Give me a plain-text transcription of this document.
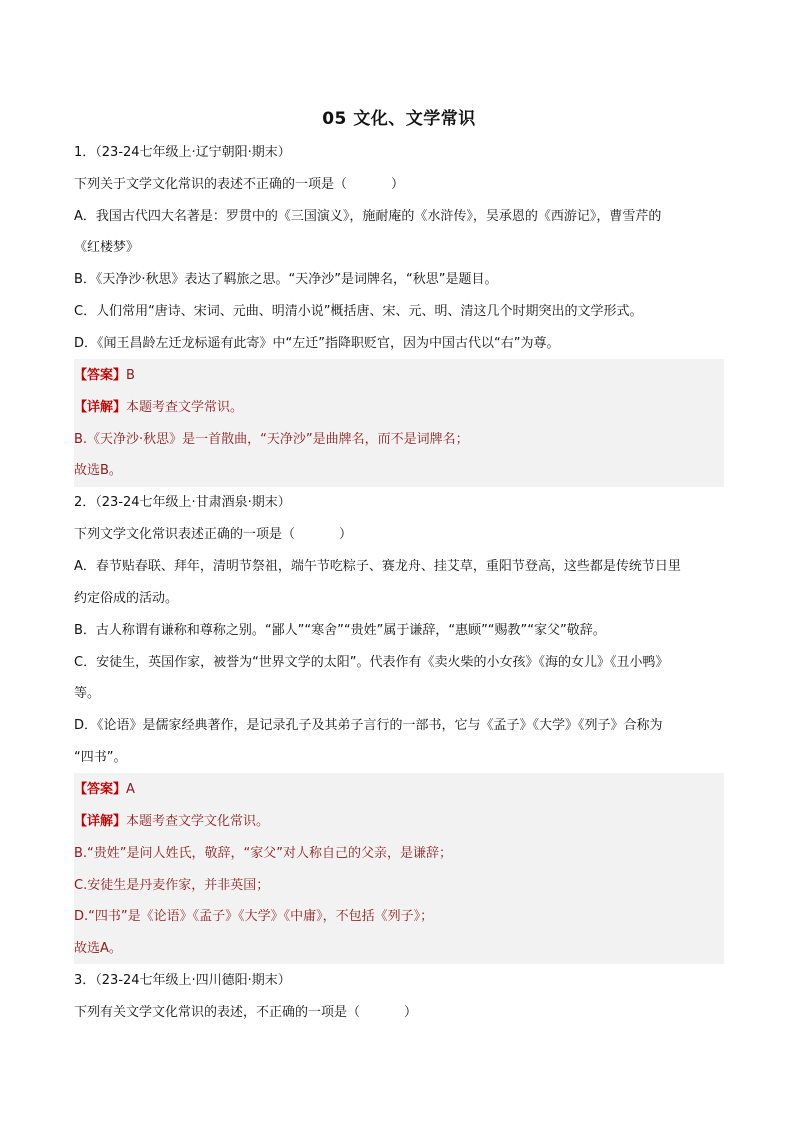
05 文化、文学常识
1．（23-24七年级上·辽宁朝阳·期末）
下列关于文学文化常识的表述不正确的一项是（	）
A．我国古代四大名著是：罗贯中的《三国演义》，施耐庵的《水浒传》，吴承恩的《西游记》，曹雪芹的
《红楼梦》
B．《天净沙·秋思》表达了羁旅之思。“天净沙”是词牌名，“秋思”是题目。
C．人们常用“唐诗、宋词、元曲、明清小说”概括唐、宋、元、明、清这几个时期突出的文学形式。
D．《闻王昌龄左迁龙标遥有此寄》中“左迁”指降职贬官，因为中国古代以“右”为尊。
【答案】B
【详解】本题考查文学常识。
B.《天净沙·秋思》是一首散曲，“天净沙”是曲牌名，而不是词牌名；
故选B。
2．（23-24七年级上·甘肃酒泉·期末）
下列文学文化常识表述正确的一项是（	）
A．春节贴春联、拜年，清明节祭祖，端午节吃粽子、赛龙舟、挂艾草，重阳节登高，这些都是传统节日里
约定俗成的活动。
B．古人称谓有谦称和尊称之别。“鄙人”“寒舍”“贵姓”属于谦辞，“惠顾”“赐教”“家父”敬辞。
C．安徒生，英国作家，被誉为“世界文学的太阳”。代表作有《卖火柴的小女孩》《海的女儿》《丑小鸭》
等。
D．《论语》是儒家经典著作，是记录孔子及其弟子言行的一部书，它与《孟子》《大学》《列子》合称为
“四书”。
【答案】A
【详解】本题考查文学文化常识。
B.“贵姓”是问人姓氏，敬辞，“家父”对人称自己的父亲，是谦辞；
C.安徒生是丹麦作家，并非英国；
D.“四书”是《论语》《孟子》《大学》《中庸》，不包括《列子》；
故选A。
3．（23-24七年级上·四川德阳·期末）
下列有关文学文化常识的表述，不正确的一项是（	）
